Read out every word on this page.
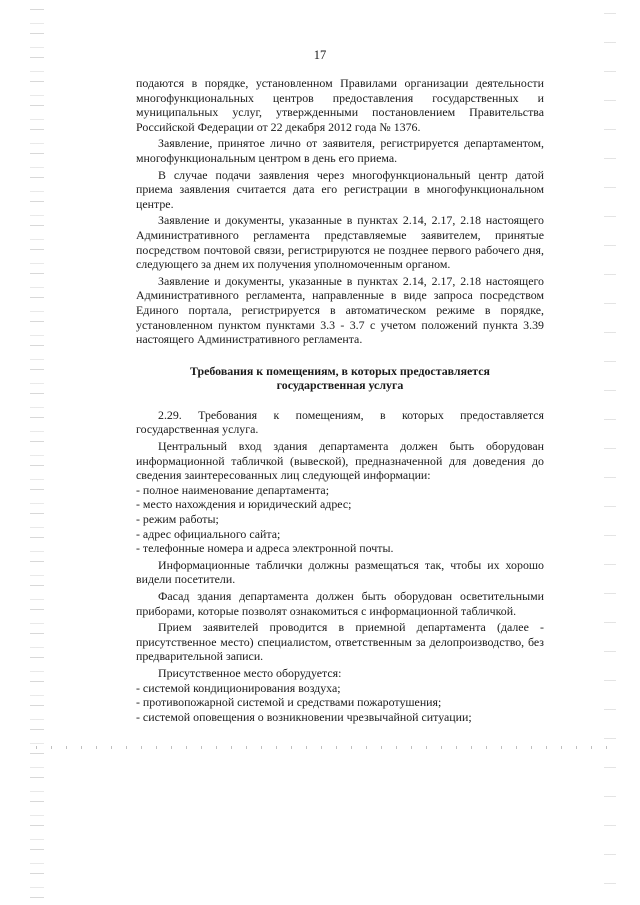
17

подаются в порядке, установленном Правилами организации деятельности многофункциональных центров предоставления государственных и муниципальных услуг, утвержденными постановлением Правительства Российской Федерации от 22 декабря 2012 года № 1376.

Заявление, принятое лично от заявителя, регистрируется департаментом, многофункциональным центром в день его приема.

В случае подачи заявления через многофункциональный центр датой приема заявления считается дата его регистрации в многофункциональном центре.

Заявление и документы, указанные в пунктах 2.14, 2.17, 2.18 настоящего Административного регламента представляемые заявителем, принятые посредством почтовой связи, регистрируются не позднее первого рабочего дня, следующего за днем их получения уполномоченным органом.

Заявление и документы, указанные в пунктах 2.14, 2.17, 2.18 настоящего Административного регламента, направленные в виде запроса посредством Единого портала, регистрируется в автоматическом режиме в порядке, установленном пунктом пунктами 3.3 - 3.7 с учетом положений пункта 3.39 настоящего Административного регламента.

Требования к помещениям, в которых предоставляется
государственная услуга

2.29. Требования к помещениям, в которых предоставляется

государственная услуга.

Центральный вход здания департамента должен быть оборудован информационной табличкой (вывеской), предназначенной для доведения до сведения заинтересованных лиц следующей информации:

- полное наименование департамента;

- место нахождения и юридический адрес;

- режим работы;

- адрес официального сайта;

- телефонные номера и адреса электронной почты.

Информационные таблички должны размещаться так, чтобы их хорошо видели посетители.

Фасад здания департамента должен быть оборудован осветительными приборами, которые позволят ознакомиться с информационной табличкой.

Прием заявителей проводится в приемной департамента (далее - присутственное место) специалистом, ответственным за делопроизводство, без предварительной записи.

Присутственное место оборудуется:

- системой кондиционирования воздуха;

- противопожарной системой и средствами пожаротушения;

- системой оповещения о возникновении чрезвычайной ситуации;
